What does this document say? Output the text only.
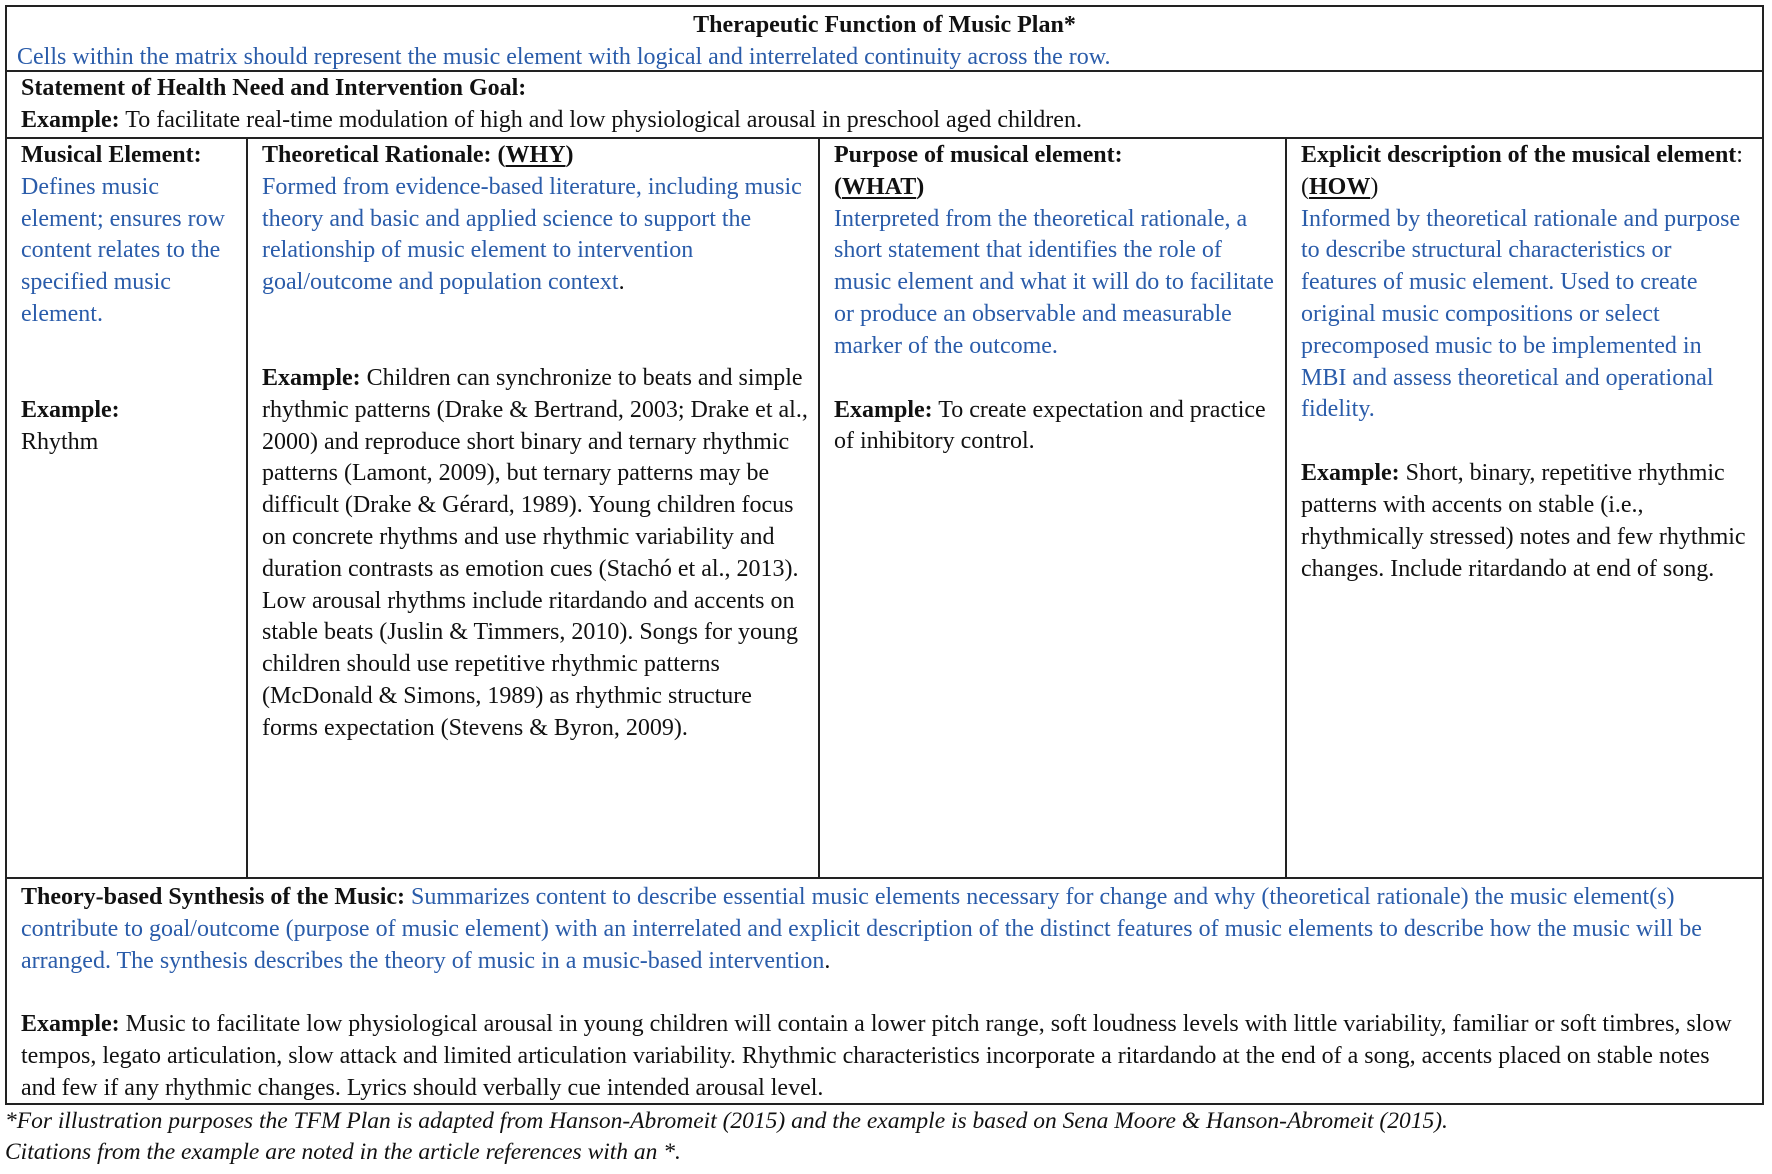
Therapeutic Function of Music Plan*
Cells within the matrix should represent the music element with logical and interrelated continuity across the row.

Statement of Health Need and Intervention Goal:

Example: To facilitate real-time modulation of high and low physiological arousal in preschool aged children.

Musical Element:

Defines music element; ensures row content relates to the specified music element.

Example:

Rhythm

Theoretical Rationale: (WHY)

Formed from evidence-based literature, including music theory and basic and applied science to support the relationship of music element to intervention goal/outcome and population context.

Example: Children can synchronize to beats and simple rhythmic patterns (Drake & Bertrand, 2003; Drake et al., 2000) and reproduce short binary and ternary rhythmic patterns (Lamont, 2009), but ternary patterns may be difficult (Drake & Gérard, 1989). Young children focus on concrete rhythms and use rhythmic variability and duration contrasts as emotion cues (Stachó et al., 2013). Low arousal rhythms include ritardando and accents on stable beats (Juslin & Timmers, 2010). Songs for young children should use repetitive rhythmic patterns (McDonald & Simons, 1989) as rhythmic structure forms expectation (Stevens & Byron, 2009).

Purpose of musical element:

(WHAT)

Interpreted from the theoretical rationale, a short statement that identifies the role of music element and what it will do to facilitate or produce an observable and measurable marker of the outcome.

Example: To create expectation and practice of inhibitory control.

Explicit description of the musical element: (HOW)

Informed by theoretical rationale and purpose to describe structural characteristics or features of music element. Used to create original music compositions or select precomposed music to be implemented in MBI and assess theoretical and operational fidelity.

Example: Short, binary, repetitive rhythmic patterns with accents on stable (i.e., rhythmically stressed) notes and few rhythmic changes. Include ritardando at end of song.

Theory-based Synthesis of the Music: Summarizes content to describe essential music elements necessary for change and why (theoretical rationale) the music element(s) contribute to goal/outcome (purpose of music element) with an interrelated and explicit description of the distinct features of music elements to describe how the music will be arranged. The synthesis describes the theory of music in a music-based intervention.

Example: Music to facilitate low physiological arousal in young children will contain a lower pitch range, soft loudness levels with little variability, familiar or soft timbres, slow tempos, legato articulation, slow attack and limited articulation variability. Rhythmic characteristics incorporate a ritardando at the end of a song, accents placed on stable notes and few if any rhythmic changes. Lyrics should verbally cue intended arousal level.

*For illustration purposes the TFM Plan is adapted from Hanson-Abromeit (2015) and the example is based on Sena Moore & Hanson-Abromeit (2015).

Citations from the example are noted in the article references with an *.
